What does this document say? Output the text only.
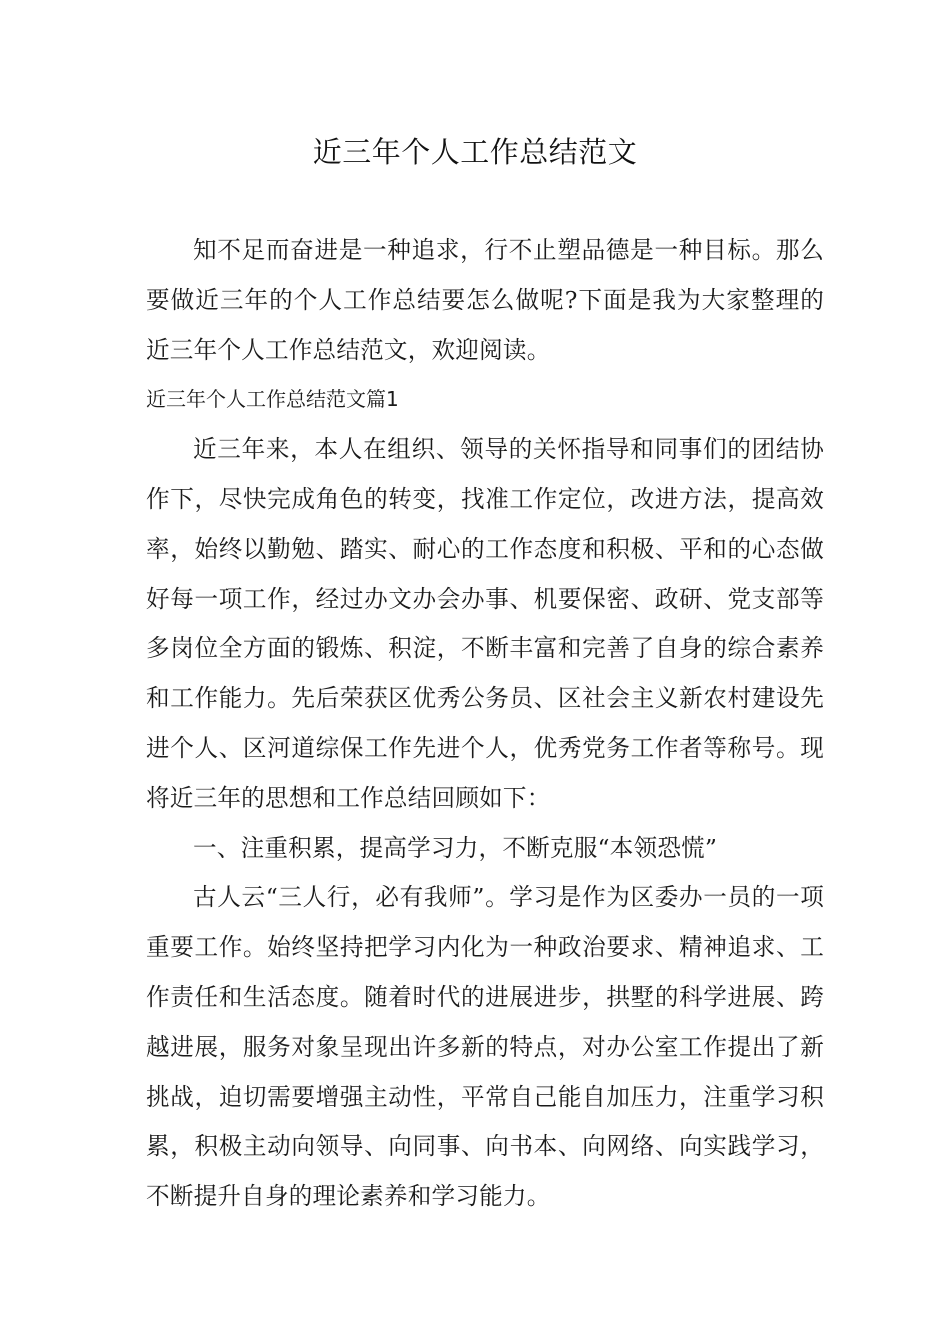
近三年个人工作总结范文

知不足而奋进是一种追求，行不止塑品德是一种目标。那么要做近三年的个人工作总结要怎么做呢?下面是我为大家整理的近三年个人工作总结范文，欢迎阅读。

近三年个人工作总结范文篇1

近三年来，本人在组织、领导的关怀指导和同事们的团结协作下，尽快完成角色的转变，找准工作定位，改进方法，提高效率，始终以勤勉、踏实、耐心的工作态度和积极、平和的心态做好每一项工作，经过办文办会办事、机要保密、政研、党支部等多岗位全方面的锻炼、积淀，不断丰富和完善了自身的综合素养和工作能力。先后荣获区优秀公务员、区社会主义新农村建设先进个人、区河道综保工作先进个人，优秀党务工作者等称号。现将近三年的思想和工作总结回顾如下：

一、注重积累，提高学习力，不断克服“本领恐慌”

古人云“三人行，必有我师”。学习是作为区委办一员的一项重要工作。始终坚持把学习内化为一种政治要求、精神追求、工作责任和生活态度。随着时代的进展进步，拱墅的科学进展、跨越进展，服务对象呈现出许多新的特点，对办公室工作提出了新挑战，迫切需要增强主动性，平常自己能自加压力，注重学习积累，积极主动向领导、向同事、向书本、向网络、向实践学习，不断提升自身的理论素养和学习能力。
